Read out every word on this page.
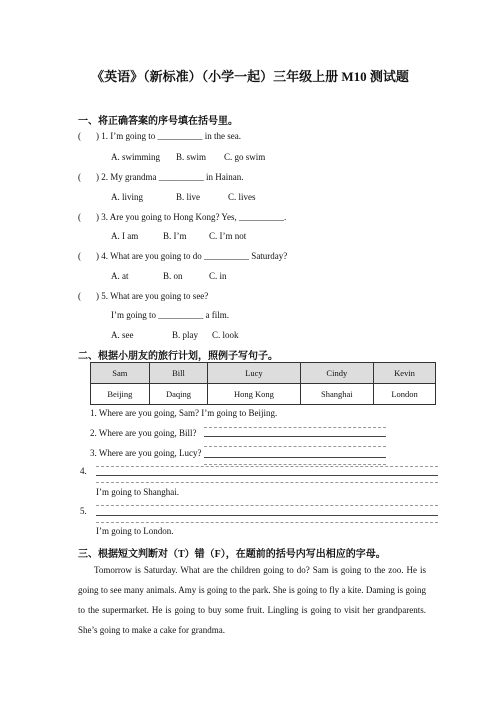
《英语》（新标准）（小学一起）三年级上册 M10 测试题
一、将正确答案的序号填在括号里。
( ) 1. I’m going to __________ in the sea.
A. swimming B. swim C. go swim
( ) 2. My grandma __________ in Hainan.
A. living	B. live	C. lives
( ) 3. Are you going to Hong Kong? Yes, __________.
A. I am	B. I’m	C. I’m not
( ) 4. What are you going to do __________ Saturday?
A. at	B. on	C. in
( ) 5. What are you going to see?
I’m going to __________ a film.
A. see	B. play C. look
二、根据小朋友的旅行计划，照例子写句子。
Sam	Bill	Lucy	Cindy	Kevin
Beijing	Daqing	Hong Kong	Shanghai	London
1. Where are you going, Sam? I’m going to Beijing.
2. Where are you going, Bill?
3. Where are you going, Lucy?
4.
I’m going to Shanghai.
5.
I’m going to London.
三、根据短文判断对（T）错（F），在题前的括号内写出相应的字母。
Tomorrow is Saturday. What are the children going to do? Sam is going to the zoo. He is going to see many animals. Amy is going to the park. She is going to fly a kite. Daming is going to the supermarket. He is going to buy some fruit. Lingling is going to visit her grandparents. She’s going to make a cake for grandma.
